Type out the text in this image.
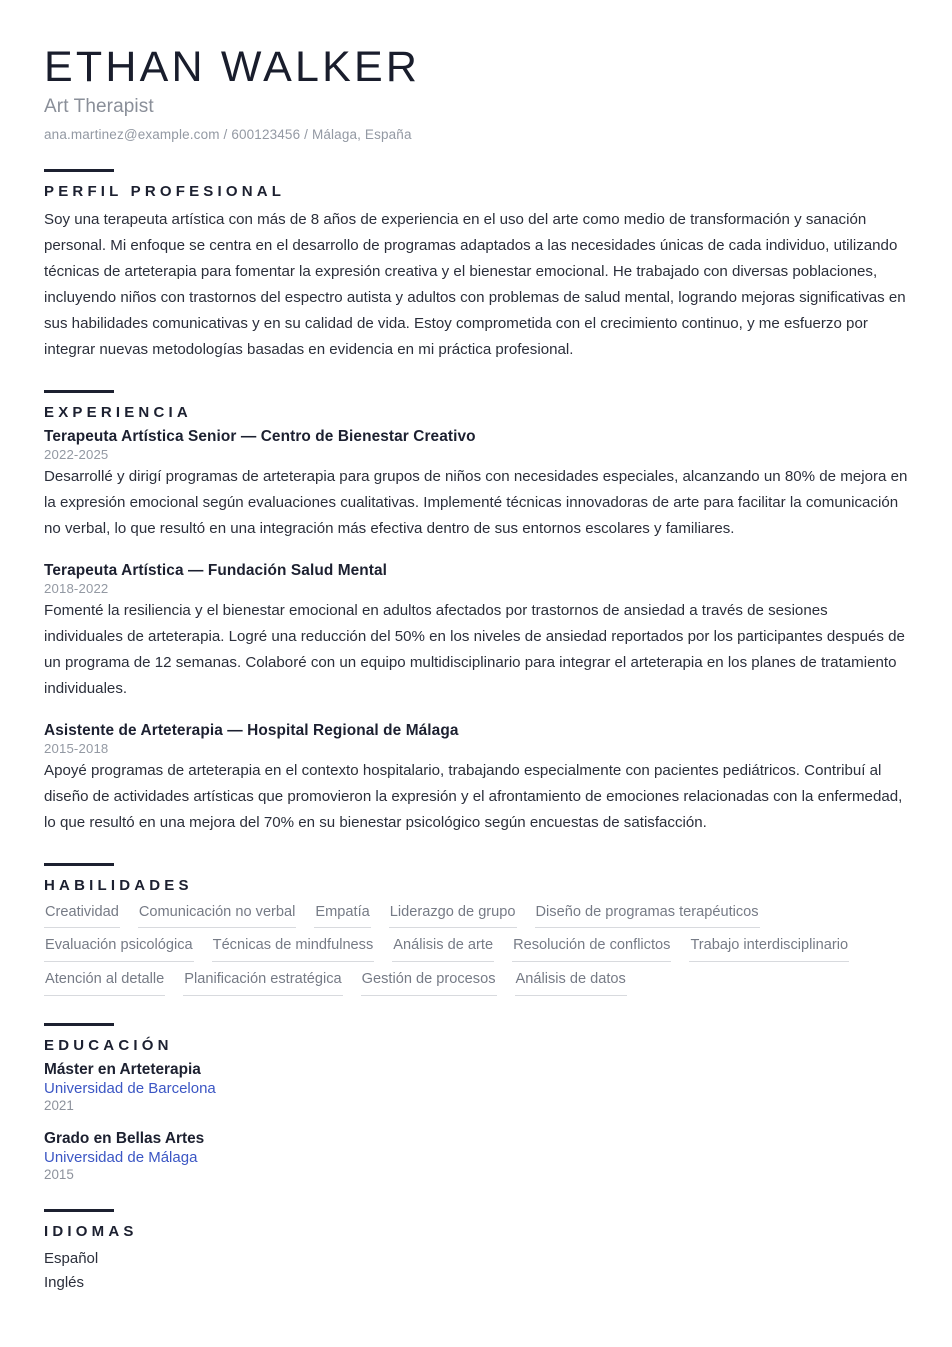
ETHAN WALKER
Art Therapist
ana.martinez@example.com / 600123456 / Málaga, España
PERFIL PROFESIONAL

Soy una terapeuta artística con más de 8 años de experiencia en el uso del arte como medio de transformación y sanación personal. Mi enfoque se centra en el desarrollo de programas adaptados a las necesidades únicas de cada individuo, utilizando técnicas de arteterapia para fomentar la expresión creativa y el bienestar emocional. He trabajado con diversas poblaciones, incluyendo niños con trastornos del espectro autista y adultos con problemas de salud mental, logrando mejoras significativas en sus habilidades comunicativas y en su calidad de vida. Estoy comprometida con el crecimiento continuo, y me esfuerzo por integrar nuevas metodologías basadas en evidencia en mi práctica profesional.

EXPERIENCIA
Terapeuta Artística Senior — Centro de Bienestar Creativo
2022-2025

Desarrollé y dirigí programas de arteterapia para grupos de niños con necesidades especiales, alcanzando un 80% de mejora en la expresión emocional según evaluaciones cualitativas. Implementé técnicas innovadoras de arte para facilitar la comunicación no verbal, lo que resultó en una integración más efectiva dentro de sus entornos escolares y familiares.

Terapeuta Artística — Fundación Salud Mental
2018-2022

Fomenté la resiliencia y el bienestar emocional en adultos afectados por trastornos de ansiedad a través de sesiones individuales de arteterapia. Logré una reducción del 50% en los niveles de ansiedad reportados por los participantes después de un programa de 12 semanas. Colaboré con un equipo multidisciplinario para integrar el arteterapia en los planes de tratamiento individuales.

Asistente de Arteterapia — Hospital Regional de Málaga
2015-2018

Apoyé programas de arteterapia en el contexto hospitalario, trabajando especialmente con pacientes pediátricos. Contribuí al diseño de actividades artísticas que promovieron la expresión y el afrontamiento de emociones relacionadas con la enfermedad, lo que resultó en una mejora del 70% en su bienestar psicológico según encuestas de satisfacción.

HABILIDADES
Creatividad Comunicación no verbal Empatía Liderazgo de grupo Diseño de programas terapéuticos
Evaluación psicológica Técnicas de mindfulness Análisis de arte Resolución de conflictos Trabajo interdisciplinario
Atención al detalle Planificación estratégica Gestión de procesos Análisis de datos
EDUCACIÓN
Máster en Arteterapia
Universidad de Barcelona
2021
Grado en Bellas Artes
Universidad de Málaga
2015
IDIOMAS

Español

Inglés
